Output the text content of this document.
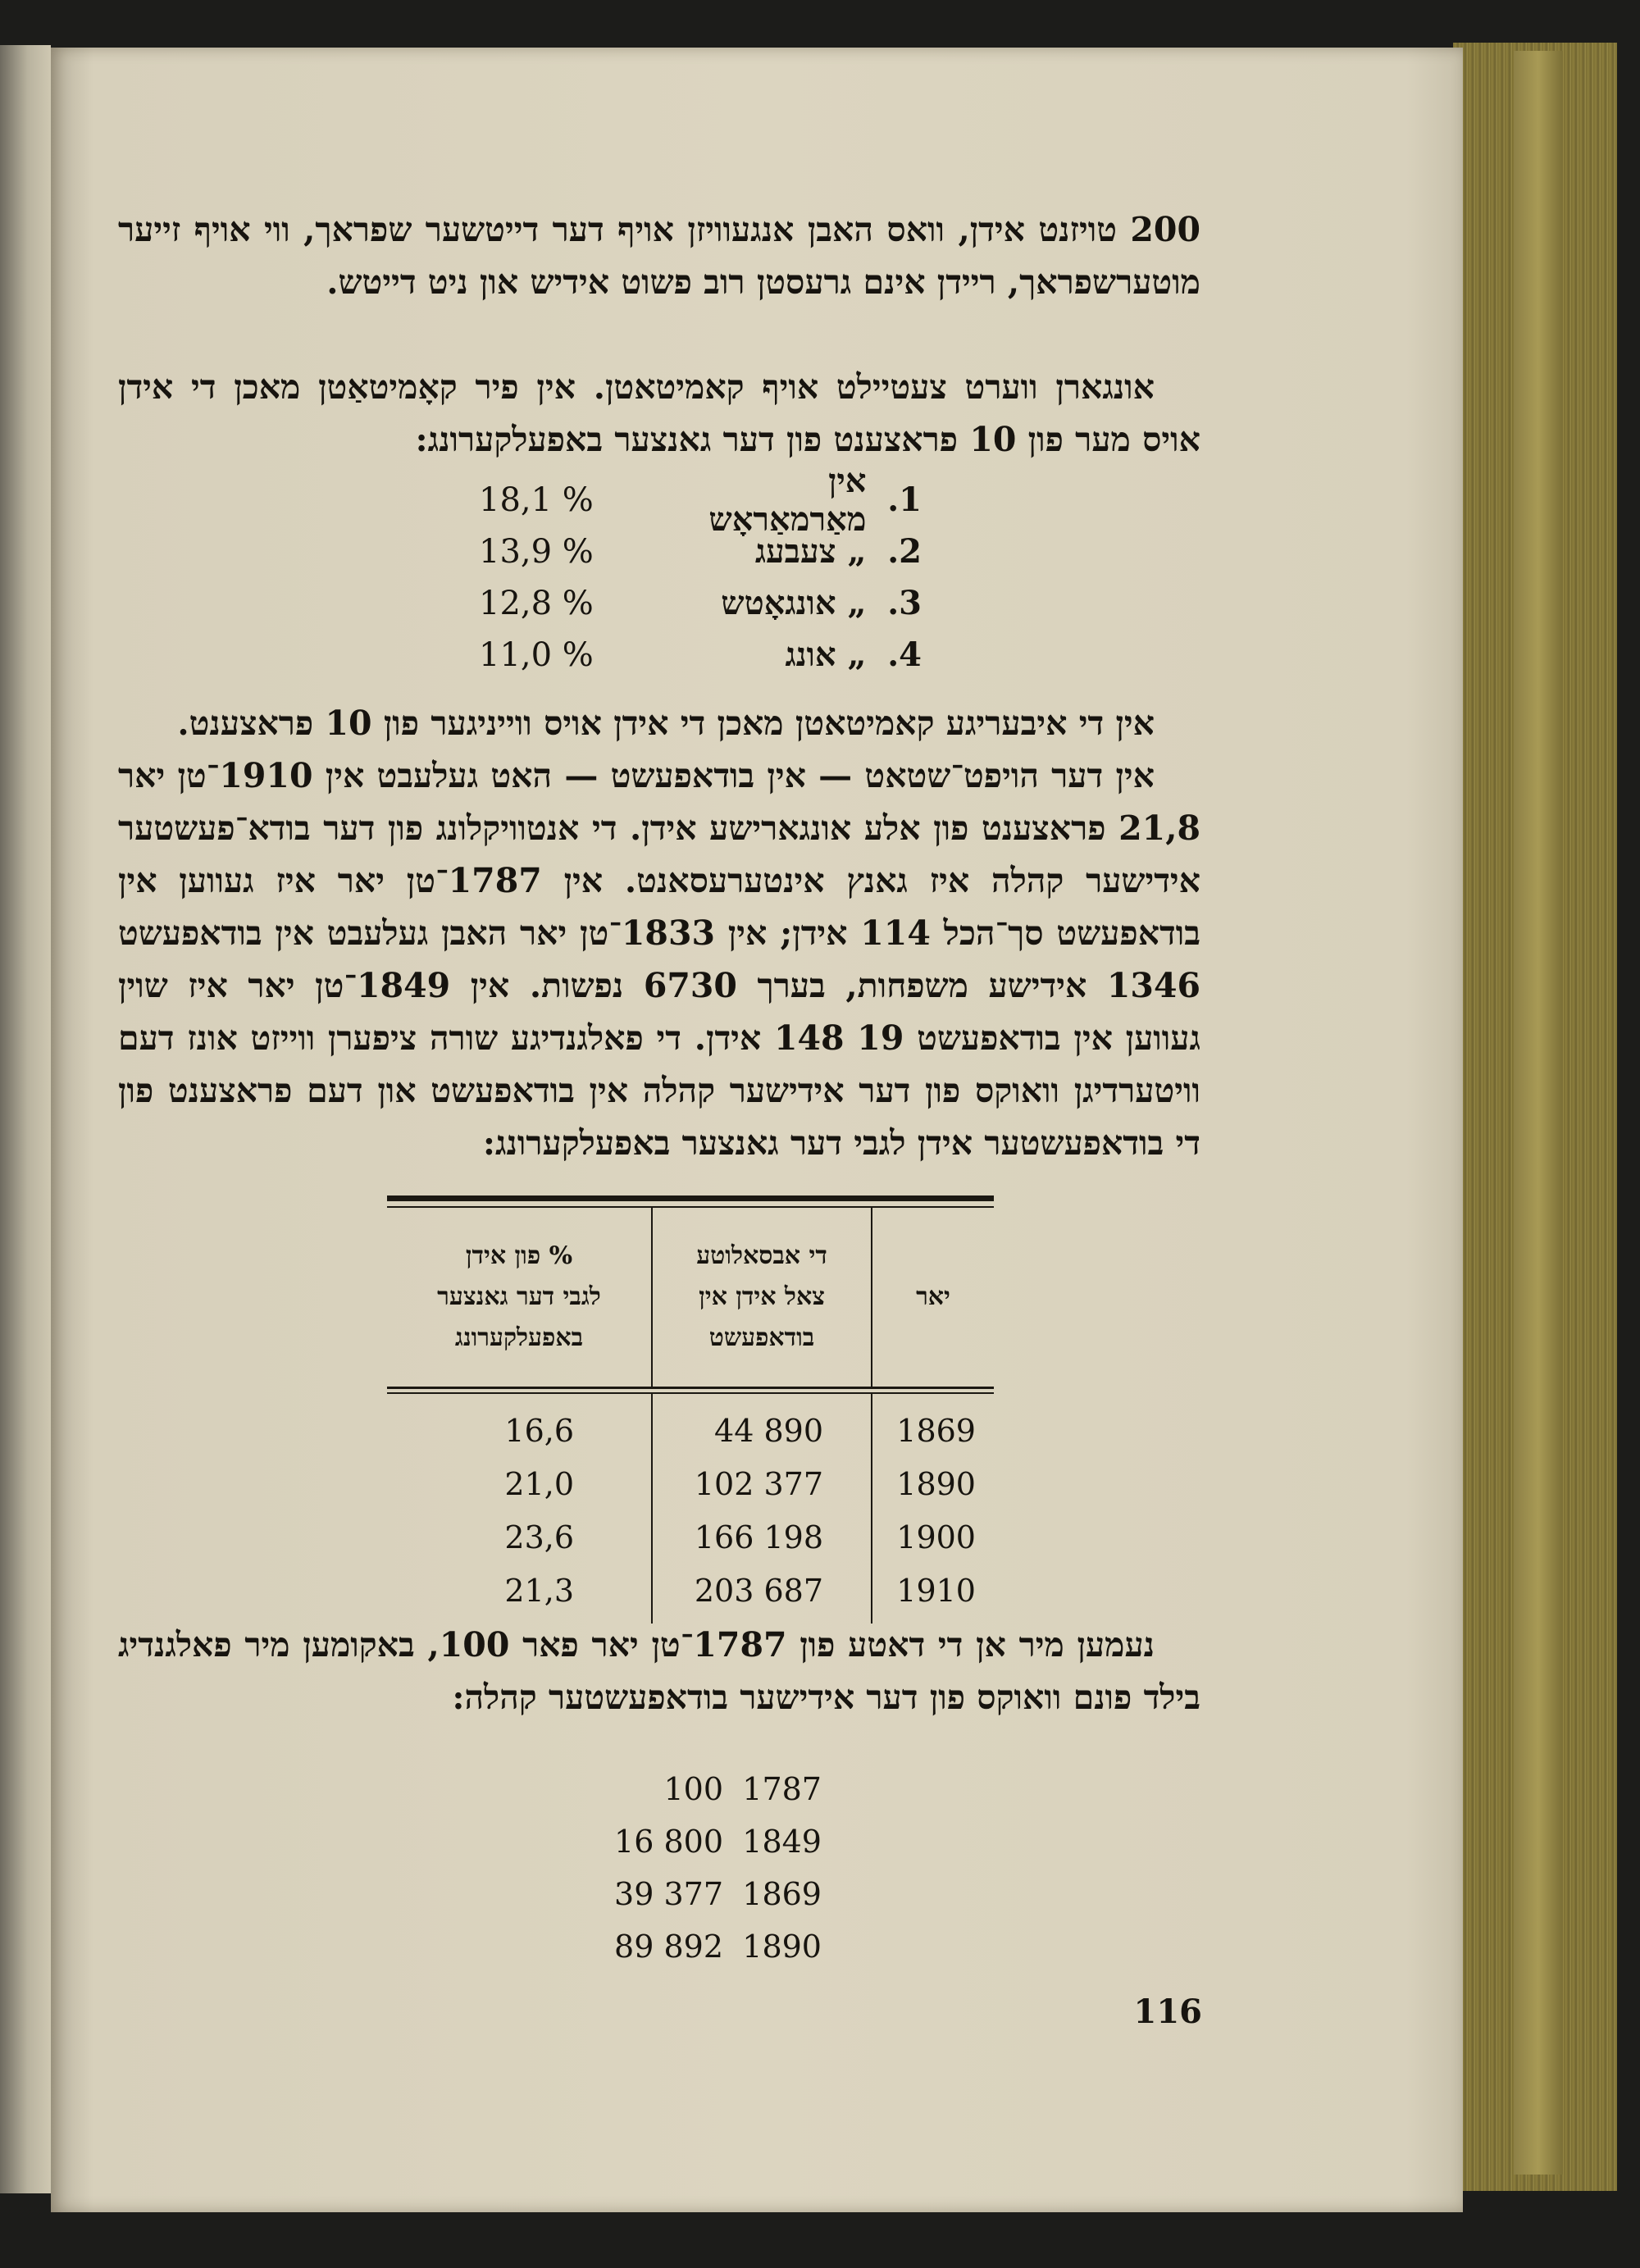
200 טויזנט אידן, וואס האבן אנגעוויזן אויף דער דייטשער שפראך, ווי אויף זייער מוטערשפראך, ריידן אינם גרעסטן רוב פשוט אידיש און ניט דייטש.

אונגארן ווערט צעטיילט אויף קאמיטאטן. אין פיר קאָמיטאַטן מאכן די אידן אויס מער פון 10 פראצענט פון דער גאנצער באפעלקערונג:

1.
אין מאַרמאַראָש
18,1 %
2.
„ צעבעג
13,9 %
3.
„ אונגאָטש
12,8 %
4.
„ אונג
11,0 %

אין די איבעריגע קאמיטאטן מאכן די אידן אויס ווייניגער פון 10 פראצענט.

אין דער הויפט־שטאט — אין בודאפעשט — האט געלעבט אין 1910־טן יאר 21,8 פראצענט פון אלע אונגארישע אידן. די אנטוויקלונג פון דער בודא־פעשטער אידישער קהלה איז גאנץ אינטערעסאנט. אין 1787־טן יאר איז געווען אין בודאפעשט סך־הכל 114 אידן; אין 1833־טן יאר האבן געלעבט אין בודאפעשט 1346 אידישע משפחות, בערך 6730 נפשות. אין 1849־טן יאר איז שוין געווען אין בודאפעשט 19 148 אידן. די פאלגנדיגע שורה ציפערן ווייזט אונז דעם וויטערדיגן וואוקס פון דער אידישער קהלה אין בודאפעשט און דעם פראצענט פון די בודאפעשטער אידן לגבי דער גאנצער באפעלקערונג:

יאר
די אבסאלוטע
צאל אידן אין
בודאפעשט
% פון אידן
לגבי דער גאנצער
באפעלקערונג
1869
1890
1900
1910
44 890
102 377
166 198
203 687
16,6
21,0
23,6
21,3

נעמען מיר אן די דאטע פון 1787־טן יאר פאר 100, באקומען מיר פאלגנדיג בילד פונם וואוקס פון דער אידישער בודאפעשטער קהלה:

100 1787
16 800 1849
39 377 1869
89 892 1890
116
